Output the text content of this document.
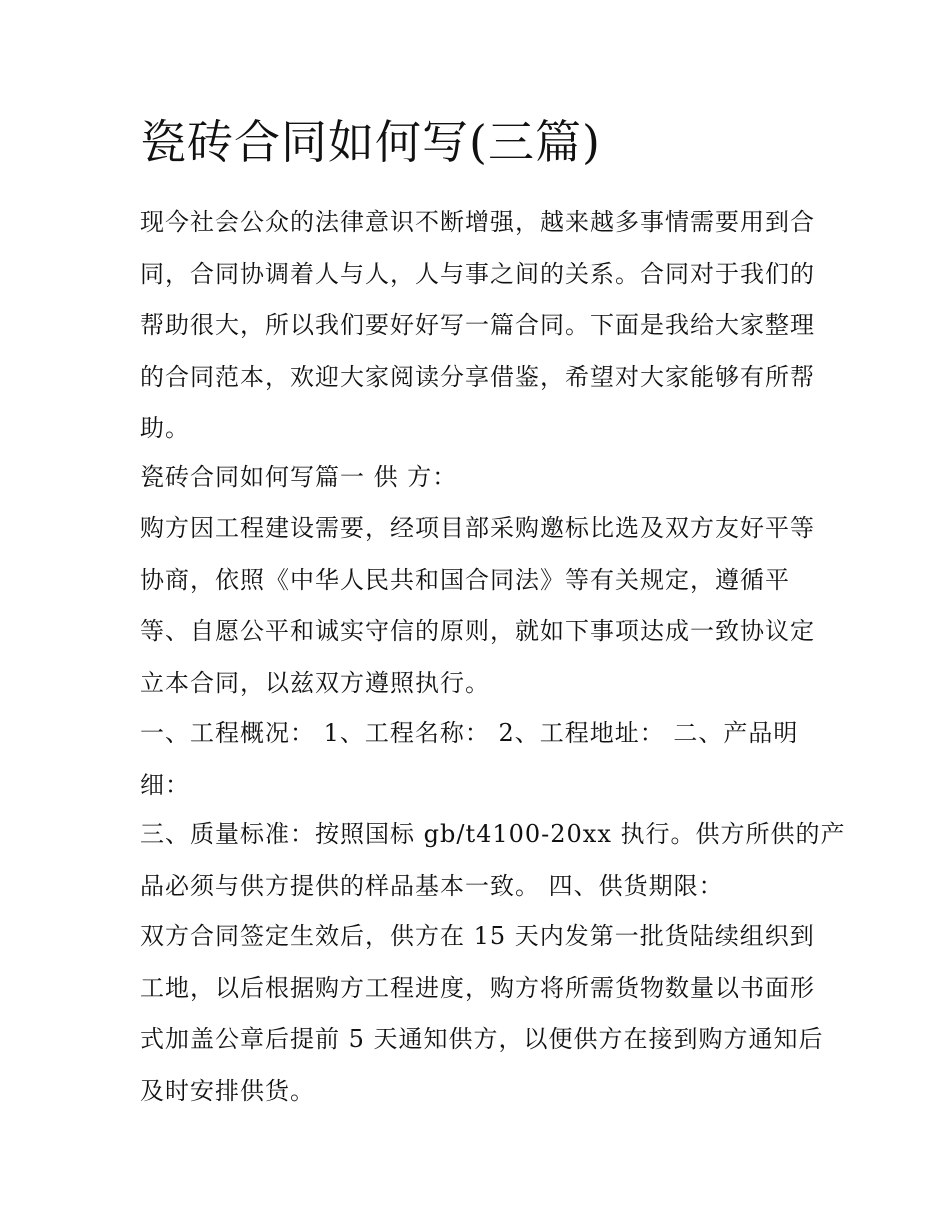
瓷砖合同如何写(三篇)

现今社会公众的法律意识不断增强，越来越多事情需要用到合
同，合同协调着人与人，人与事之间的关系。合同对于我们的
帮助很大，所以我们要好好写一篇合同。下面是我给大家整理
的合同范本，欢迎大家阅读分享借鉴，希望对大家能够有所帮
助。

瓷砖合同如何写篇一 供 方：

购方因工程建设需要，经项目部采购邀标比选及双方友好平等
协商，依照《中华人民共和国合同法》等有关规定，遵循平
等、自愿公平和诚实守信的原则，就如下事项达成一致协议定
立本合同，以兹双方遵照执行。

一、工程概况： 1、工程名称： 2、工程地址： 二、产品明
细：

三、质量标准：按照国标 gb/t4100-20xx 执行。供方所供的产
品必须与供方提供的样品基本一致。 四、供货期限：

双方合同签定生效后，供方在 15 天内发第一批货陆续组织到
工地，以后根据购方工程进度，购方将所需货物数量以书面形
式加盖公章后提前 5 天通知供方，以便供方在接到购方通知后
及时安排供货。
